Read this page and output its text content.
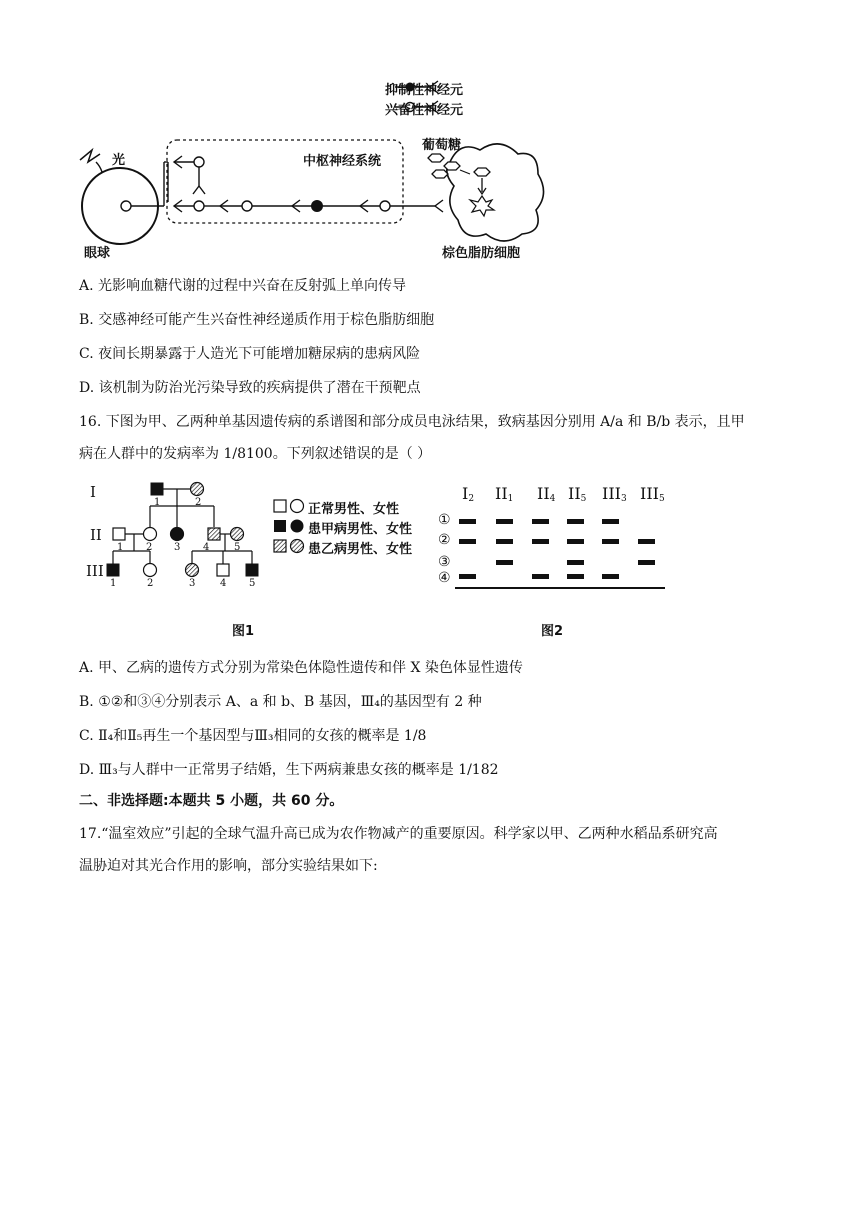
抑制性神经元
兴奋性神经元
光
眼球
中枢神经系统
葡萄糖
棕色脂肪细胞
A. 光影响血糖代谢的过程中兴奋在反射弧上单向传导
B. 交感神经可能产生兴奋性神经递质作用于棕色脂肪细胞
C. 夜间长期暴露于人造光下可能增加糖尿病的患病风险
D. 该机制为防治光污染导致的疾病提供了潜在干预靶点
16. 下图为甲、乙两种单基因遗传病的系谱图和部分成员电泳结果，致病基因分别用 A/a 和 B/b 表示，且甲
病在人群中的发病率为 1/8100。下列叙述错误的是（ ）
I
II
III
1	2
1 2 3 4 5
1	2	3 4 5
正常男性、女性
患甲病男性、女性
患乙病男性、女性
图1
$I_2$ $II_1$ $II_4$ $II_5$ $III_3$ $III_5$
①
②
③
④
图2
A. 甲、乙病的遗传方式分别为常染色体隐性遗传和伴 X 染色体显性遗传
B. ①②和③④分别表示 A、a 和 b、B 基因，Ⅲ₄的基因型有 2 种
C. Ⅱ₄和Ⅱ₅再生一个基因型与Ⅲ₃相同的女孩的概率是 1/8
D. Ⅲ₃与人群中一正常男子结婚，生下两病兼患女孩的概率是 1/182
二、非选择题:本题共 5 小题，共 60 分。
17.“温室效应”引起的全球气温升高已成为农作物减产的重要原因。科学家以甲、乙两种水稻品系研究高
温胁迫对其光合作用的影响，部分实验结果如下:
